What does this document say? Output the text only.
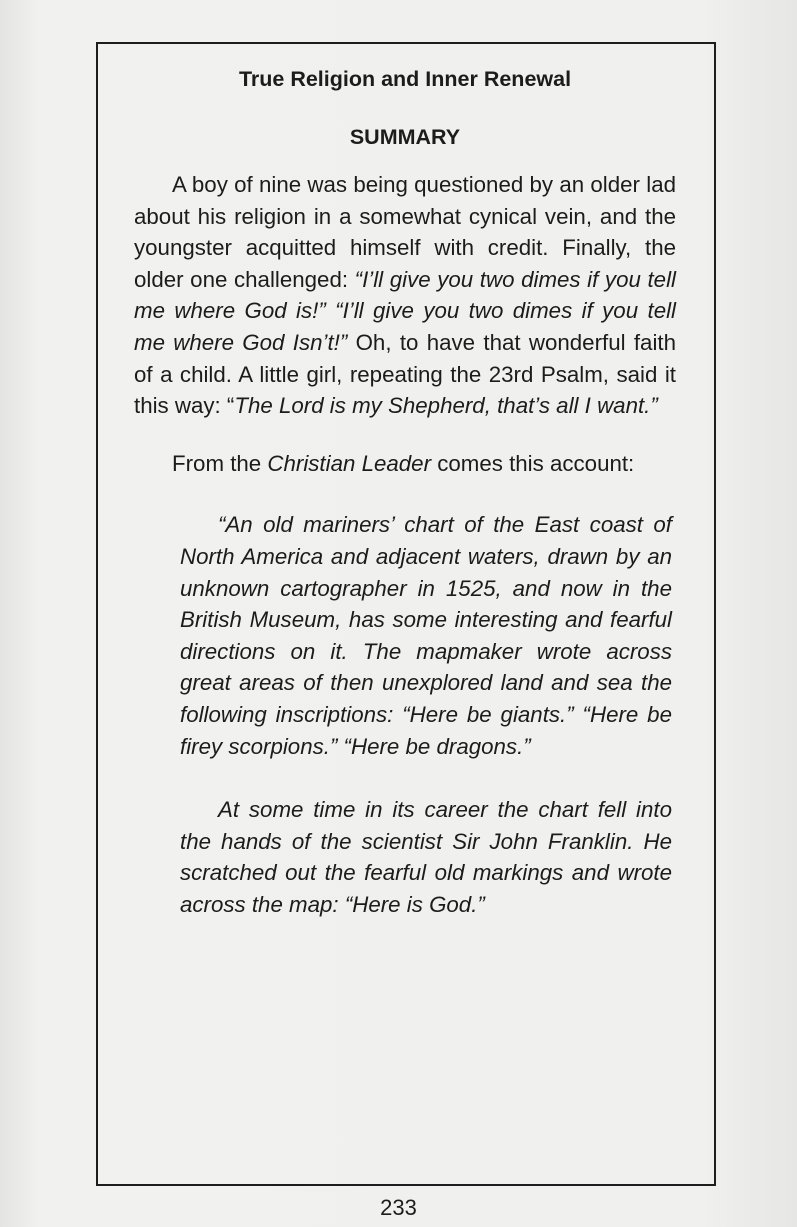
True Religion and Inner Renewal
SUMMARY

A boy of nine was being questioned by an older lad about his religion in a somewhat cynical vein, and the youngster acquitted himself with credit. Finally, the older one challenged: “I’ll give you two dimes if you tell me where God is!” “I’ll give you two dimes if you tell me where God Isn’t!” Oh, to have that wonderful faith of a child. A little girl, repeating the 23rd Psalm, said it this way: “The Lord is my Shepherd, that’s all I want.”

From the Christian Leader comes this account:

“An old mariners’ chart of the East coast of North America and adjacent waters, drawn by an unknown cartographer in 1525, and now in the British Museum, has some interesting and fearful directions on it. The mapmaker wrote across great areas of then unexplored land and sea the following inscriptions: “Here be giants.” “Here be firey scorpions.” “Here be dragons.”

At some time in its career the chart fell into the hands of the scientist Sir John Franklin. He scratched out the fearful old markings and wrote across the map: “Here is God.”

233
